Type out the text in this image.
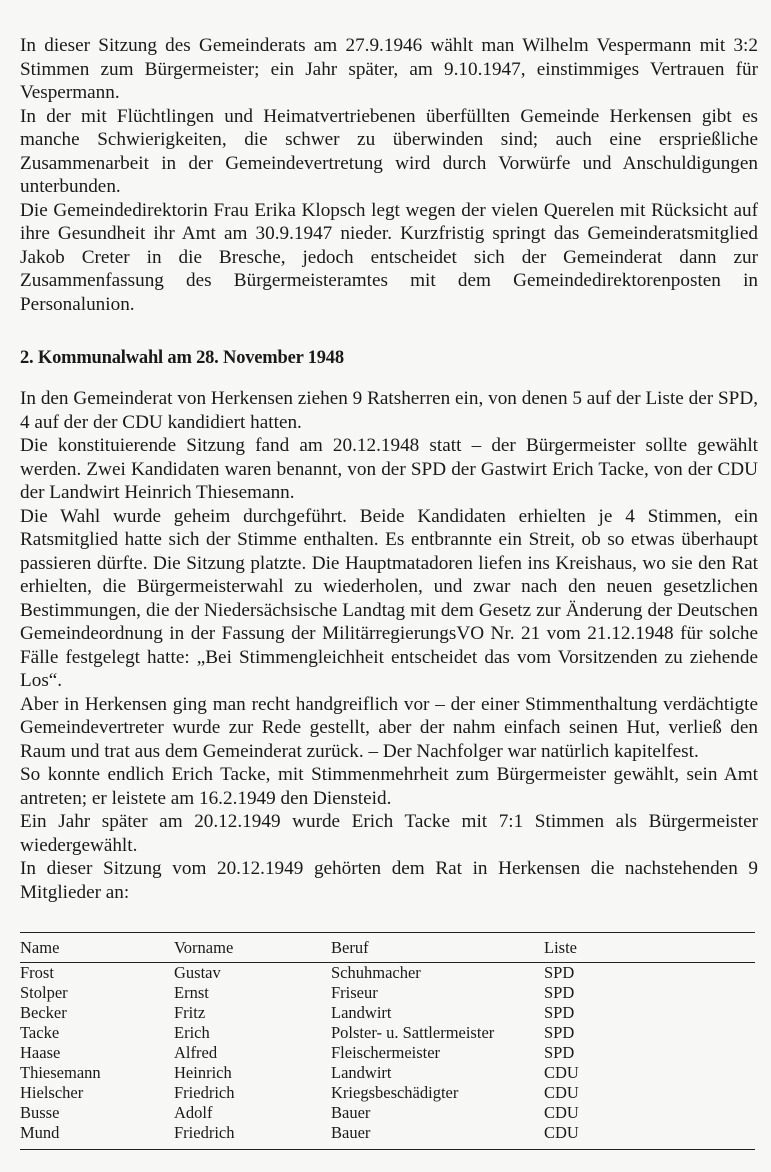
In dieser Sitzung des Gemeinderats am 27.9.1946 wählt man Wilhelm Vespermann mit 3:2 Stimmen zum Bürgermeister; ein Jahr später, am 9.10.1947, einstimmiges Vertrauen für Vespermann.

In der mit Flüchtlingen und Heimatvertriebenen überfüllten Gemeinde Herkensen gibt es manche Schwierigkeiten, die schwer zu überwinden sind; auch eine ersprießliche Zusammenarbeit in der Gemeindevertretung wird durch Vorwürfe und Anschuldigungen unterbunden.

Die Gemeindedirektorin Frau Erika Klopsch legt wegen der vielen Querelen mit Rücksicht auf ihre Gesundheit ihr Amt am 30.9.1947 nieder. Kurzfristig springt das Gemeinderatsmitglied Jakob Creter in die Bresche, jedoch entscheidet sich der Gemeinderat dann zur Zusammenfassung des Bürgermeisteramtes mit dem Gemeindedirektorenposten in Personalunion.

2. Kommunalwahl am 28. November 1948

In den Gemeinderat von Herkensen ziehen 9 Ratsherren ein, von denen 5 auf der Liste der SPD, 4 auf der der CDU kandidiert hatten.

Die konstituierende Sitzung fand am 20.12.1948 statt – der Bürgermeister sollte gewählt werden. Zwei Kandidaten waren benannt, von der SPD der Gastwirt Erich Tacke, von der CDU der Landwirt Heinrich Thiesemann.

Die Wahl wurde geheim durchgeführt. Beide Kandidaten erhielten je 4 Stimmen, ein Ratsmitglied hatte sich der Stimme enthalten. Es entbrannte ein Streit, ob so etwas überhaupt passieren dürfte. Die Sitzung platzte. Die Hauptmatadoren liefen ins Kreishaus, wo sie den Rat erhielten, die Bürgermeisterwahl zu wiederholen, und zwar nach den neuen gesetzlichen Bestimmungen, die der Niedersächsische Landtag mit dem Gesetz zur Änderung der Deutschen Gemeindeordnung in der Fassung der MilitärregierungsVO Nr. 21 vom 21.12.1948 für solche Fälle festgelegt hatte: „Bei Stimmengleichheit entscheidet das vom Vorsitzenden zu ziehende Los“.

Aber in Herkensen ging man recht handgreiflich vor – der einer Stimmenthaltung verdächtigte Gemeindevertreter wurde zur Rede gestellt, aber der nahm einfach seinen Hut, verließ den Raum und trat aus dem Gemeinderat zurück. – Der Nachfolger war natürlich kapitelfest.

So konnte endlich Erich Tacke, mit Stimmenmehrheit zum Bürgermeister gewählt, sein Amt antreten; er leistete am 16.2.1949 den Diensteid.

Ein Jahr später am 20.12.1949 wurde Erich Tacke mit 7:1 Stimmen als Bürgermeister wiedergewählt.

In dieser Sitzung vom 20.12.1949 gehörten dem Rat in Herkensen die nachstehenden 9 Mitglieder an:

Name	Vorname	Beruf	Liste

Frost	Gustav	Schuhmacher	SPD
Stolper	Ernst	Friseur	SPD
Becker	Fritz	Landwirt	SPD
Tacke	Erich	Polster- u. Sattlermeister	SPD
Haase	Alfred	Fleischermeister	SPD
Thiesemann	Heinrich	Landwirt	CDU
Hielscher	Friedrich	Kriegsbeschädigter	CDU
Busse	Adolf	Bauer	CDU
Mund	Friedrich	Bauer	CDU
